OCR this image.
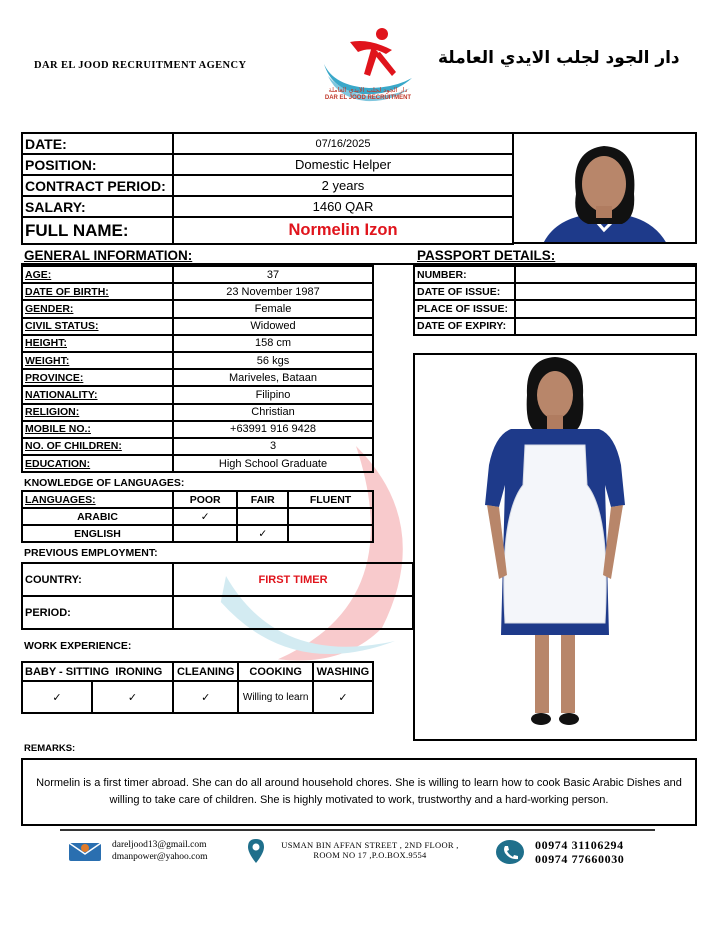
DAR EL JOOD RECRUITMENT AGENCY
دار الجود لجلب الايدي العاملة
DAR EL JOOD RECRUITMENT
دار الجود لجلب الايدي العاملة
DATE:	07/16/2025
POSITION:	Domestic Helper
CONTRACT PERIOD:	2 years
SALARY:	1460 QAR
FULL NAME:	Normelin Izon
GENERAL INFORMATION:	PASSPORT DETAILS:
AGE:	37
DATE OF BIRTH:	23 November 1987
GENDER:	Female
CIVIL STATUS:	Widowed
HEIGHT:	158 cm
WEIGHT:	56 kgs
PROVINCE:	Mariveles, Bataan
NATIONALITY:	Filipino
RELIGION:	Christian
MOBILE NO.:	+63991 916 9428
NO. OF CHILDREN:	3
EDUCATION:	High School Graduate
NUMBER:	
DATE OF ISSUE:	
PLACE OF ISSUE:	
DATE OF EXPIRY:	
KNOWLEDGE OF LANGUAGES:
LANGUAGES:	POOR	FAIR	FLUENT
ARABIC	✓		
ENGLISH		✓	
PREVIOUS EMPLOYMENT:
COUNTRY:	FIRST TIMER
PERIOD:	
WORK EXPERIENCE:
BABY - SITTING IRONING		CLEANING	COOKING	WASHING
✓	✓	✓	Willing to learn	✓
REMARKS:
Normelin is a first timer abroad. She can do all around household chores. She is willing to learn how to cook Basic Arabic Dishes and willing to take care of children. She is highly motivated to work, trustworthy and a hard-working person.
dareljood13@gmail.com
dmanpower@yahoo.com
USMAN BIN AFFAN STREET , 2ND FLOOR ,
ROOM NO 17 ,P.O.BOX.9554
00974 31106294
00974 77660030
